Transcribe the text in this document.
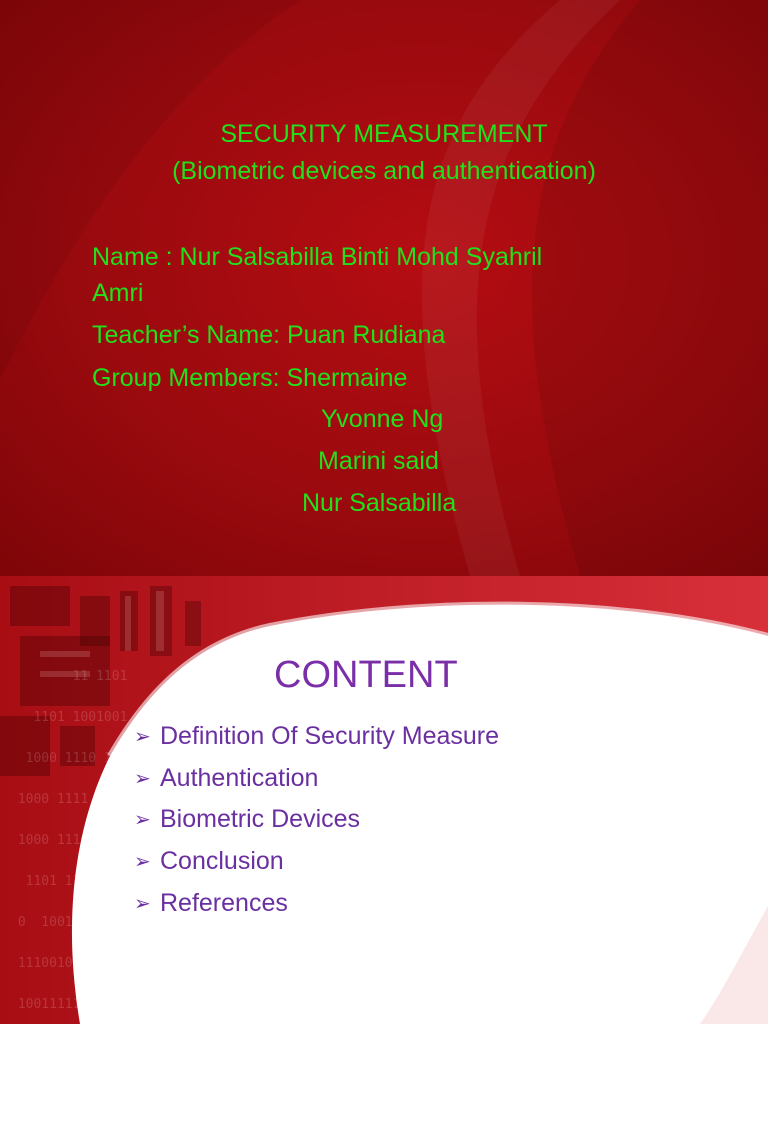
SECURITY MEASUREMENT
(Biometric devices and authentication)
Name : Nur Salsabilla Binti Mohd Syahril
Amri
Teacher’s Name: Puan Rudiana
Group Members: Shermaine
Yvonne Ng
Marini said
Nur Salsabilla
11 1101
1101 1001001
1000 1110 10001
1000 1111 010001
1000 1110 1000110
1101 1110 100011
0  10010 11 0000
1110010 11 0101
10011111 111001
10001 00011 0100
000 1110 10001 1
10 11 010001
CONTENT
➢ Definition Of Security Measure
➢ Authentication
➢ Biometric Devices
➢ Conclusion
➢ References
